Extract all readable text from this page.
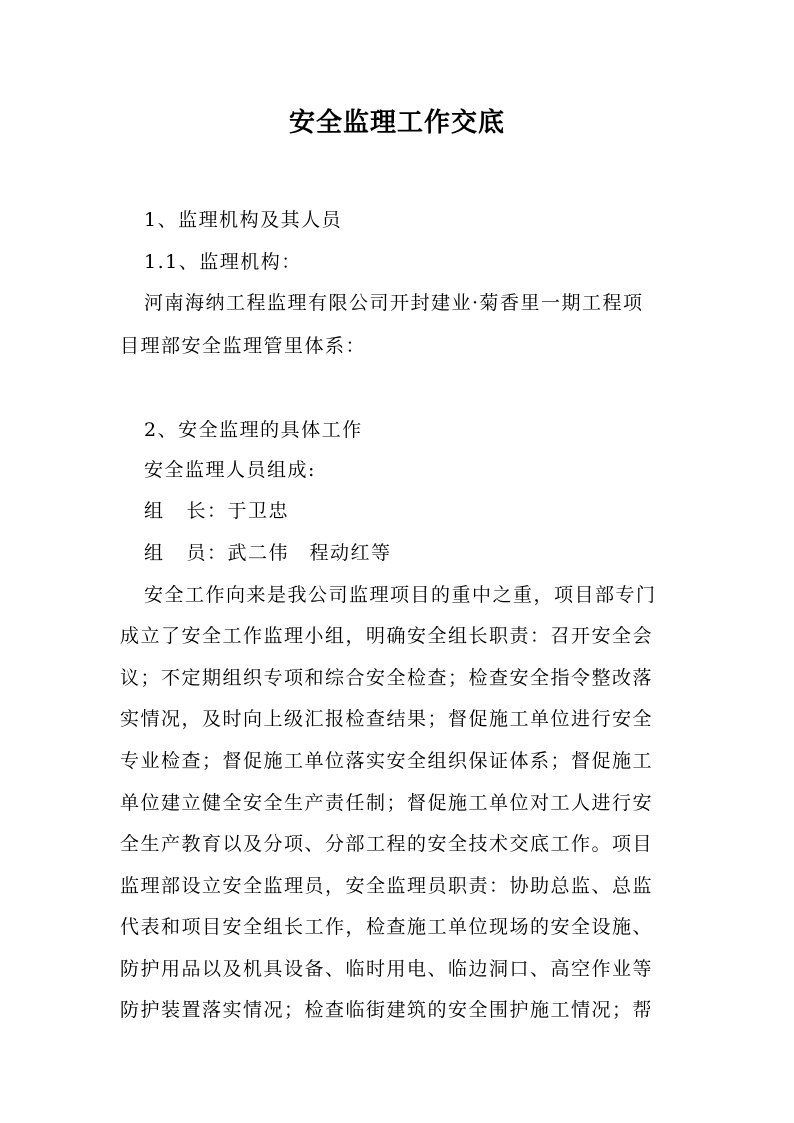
安全监理工作交底
1、监理机构及其人员
1.1、监理机构：
河南海纳工程监理有限公司开封建业·菊香里一期工程项
目理部安全监理管里体系：
2、安全监理的具体工作
安全监理人员组成:
组 长：于卫忠
组 员：武二伟　程动红等
安全工作向来是我公司监理项目的重中之重，项目部专门
成立了安全工作监理小组，明确安全组长职责：召开安全会
议；不定期组织专项和综合安全检查；检查安全指令整改落
实情况，及时向上级汇报检查结果；督促施工单位进行安全
专业检查；督促施工单位落实安全组织保证体系；督促施工
单位建立健全安全生产责任制；督促施工单位对工人进行安
全生产教育以及分项、分部工程的安全技术交底工作。项目
监理部设立安全监理员，安全监理员职责：协助总监、总监
代表和项目安全组长工作，检查施工单位现场的安全设施、
防护用品以及机具设备、临时用电、临边洞口、高空作业等
防护装置落实情况；检查临街建筑的安全围护施工情况；帮
